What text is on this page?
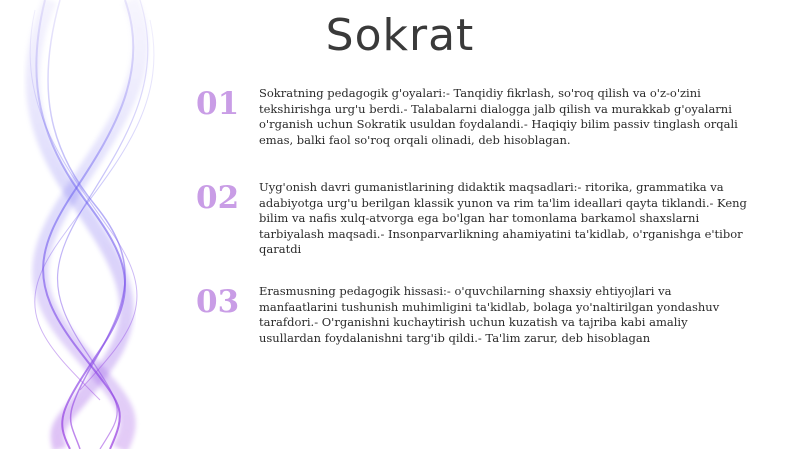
Sokrat
01	Sokratning pedagogik g'oyalari:- Tanqidiy fikrlash, so'roq qilish va o'z-o'zini tekshirishga urg'u berdi.- Talabalarni dialogga jalb qilish va murakkab g'oyalarni o'rganish uchun Sokratik usuldan foydalandi.- Haqiqiy bilim passiv tinglash orqali emas, balki faol so'roq orqali olinadi, deb hisoblagan.
02	Uyg'onish davri gumanistlarining didaktik maqsadlari:- ritorika, grammatika va adabiyotga urg'u berilgan klassik yunon va rim ta'lim ideallari qayta tiklandi.- Keng bilim va nafis xulq-atvorga ega bo'lgan har tomonlama barkamol shaxslarni tarbiyalash maqsadi.- Insonparvarlikning ahamiyatini ta'kidlab, o'rganishga e'tibor qaratdi
03	Erasmusning pedagogik hissasi:- o'quvchilarning shaxsiy ehtiyojlari va manfaatlarini tushunish muhimligini ta'kidlab, bolaga yo'naltirilgan yondashuv tarafdori.- O'rganishni kuchaytirish uchun kuzatish va tajriba kabi amaliy usullardan foydalanishni targ'ib qildi.- Ta'lim zarur, deb hisoblagan
